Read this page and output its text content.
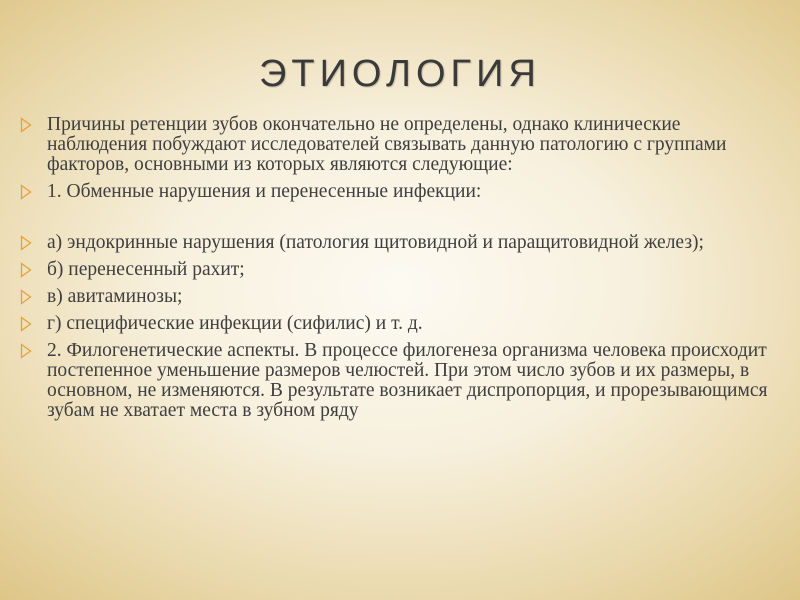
ЭТИОЛОГИЯ
Причины ретенции зубов окончательно не определены, однако клинические наблюдения побуждают исследователей связывать данную патологию с группами факторов, основными из которых являются следующие:
1. Обменные нарушения и перенесенные инфекции:
а) эндокринные нарушения (патология щитовидной и паращитовидной желез);
б) перенесенный рахит;
в) авитаминозы;
г) специфические инфекции (сифилис) и т. д.
2. Филогенетические аспекты. В процессе филогенеза организма человека происходит постепенное уменьшение размеров челюстей. При этом число зубов и их размеры, в основном, не изменяются. В результате возникает диспропорция, и прорезывающимся зубам не хватает места в зубном ряду
